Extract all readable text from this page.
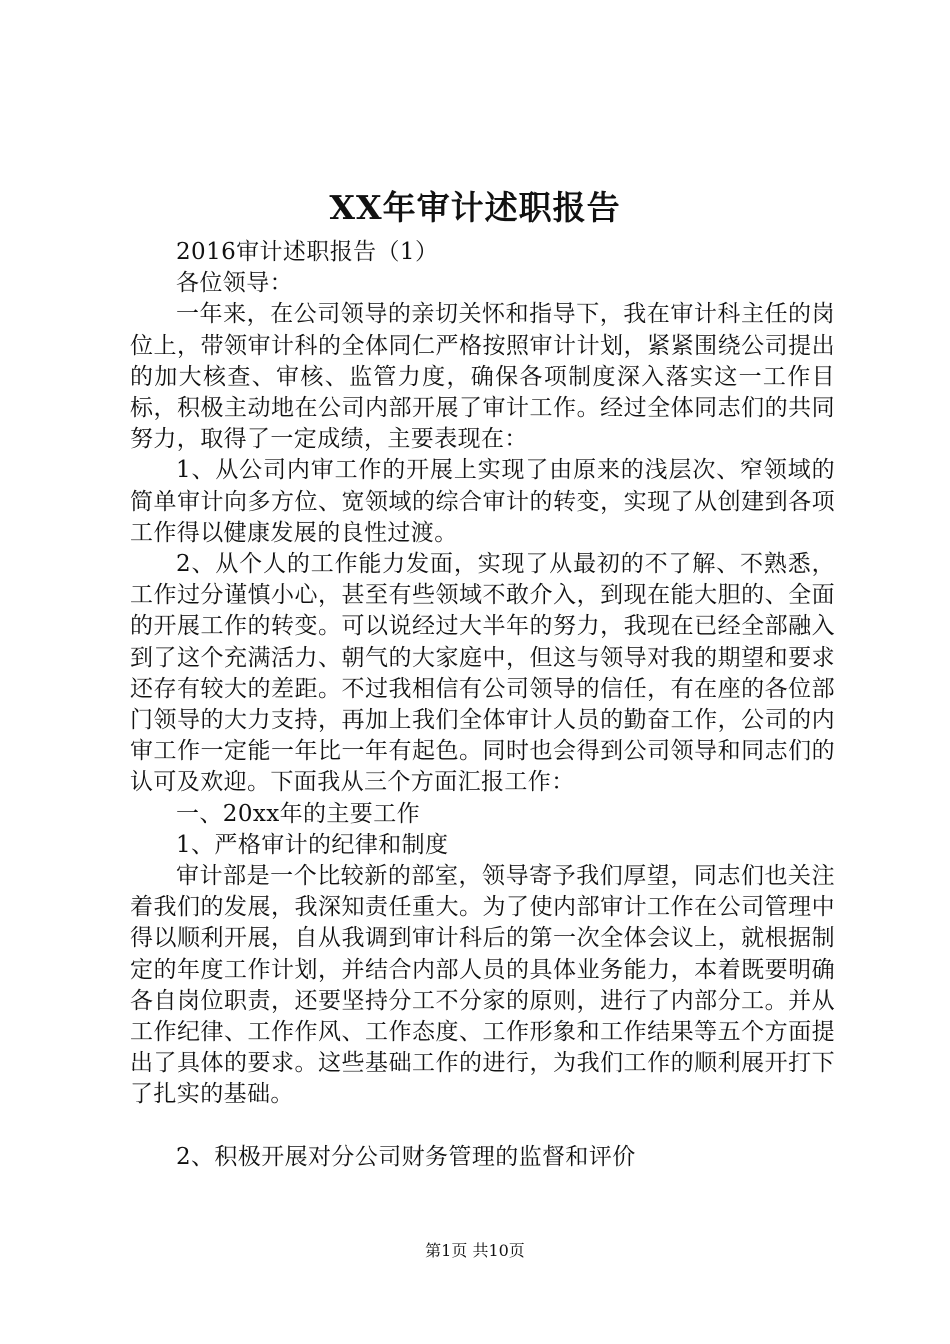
XX年审计述职报告

2016审计述职报告（1）

各位领导：

一年来，在公司领导的亲切关怀和指导下，我在审计科主任的岗位上，带领审计科的全体同仁严格按照审计计划，紧紧围绕公司提出的加大核查、审核、监管力度，确保各项制度深入落实这一工作目标，积极主动地在公司内部开展了审计工作。经过全体同志们的共同努力，取得了一定成绩，主要表现在：

1、从公司内审工作的开展上实现了由原来的浅层次、窄领域的简单审计向多方位、宽领域的综合审计的转变，实现了从创建到各项工作得以健康发展的良性过渡。

2、从个人的工作能力发面，实现了从最初的不了解、不熟悉，工作过分谨慎小心，甚至有些领域不敢介入，到现在能大胆的、全面的开展工作的转变。可以说经过大半年的努力，我现在已经全部融入到了这个充满活力、朝气的大家庭中，但这与领导对我的期望和要求还存有较大的差距。不过我相信有公司领导的信任，有在座的各位部门领导的大力支持，再加上我们全体审计人员的勤奋工作，公司的内审工作一定能一年比一年有起色。同时也会得到公司领导和同志们的认可及欢迎。下面我从三个方面汇报工作：

一、20xx年的主要工作

1、严格审计的纪律和制度

审计部是一个比较新的部室，领导寄予我们厚望，同志们也关注着我们的发展，我深知责任重大。为了使内部审计工作在公司管理中得以顺利开展，自从我调到审计科后的第一次全体会议上，就根据制定的年度工作计划，并结合内部人员的具体业务能力，本着既要明确各自岗位职责，还要坚持分工不分家的原则，进行了内部分工。并从工作纪律、工作作风、工作态度、工作形象和工作结果等五个方面提出了具体的要求。这些基础工作的进行，为我们工作的顺利展开打下了扎实的基础。

2、积极开展对分公司财务管理的监督和评价

第1页 共10页
